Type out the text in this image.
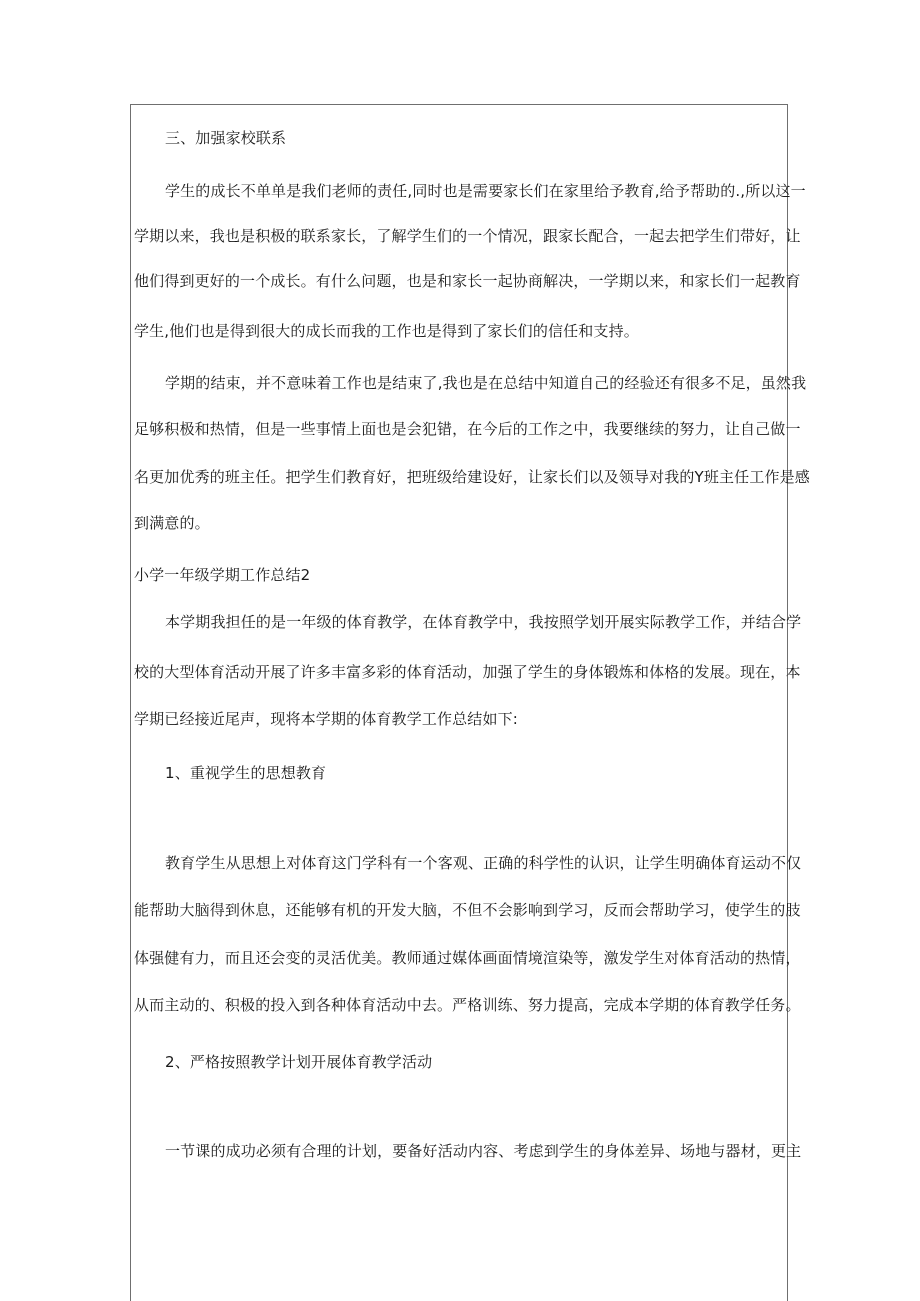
三、加强家校联系
学生的成长不单单是我们老师的责任,同时也是需要家长们在家里给予教育,给予帮助的.,所以这一
学期以来，我也是积极的联系家长，了解学生们的一个情况，跟家长配合，一起去把学生们带好，让
他们得到更好的一个成长。有什么问题，也是和家长一起协商解决，一学期以来，和家长们一起教育
学生,他们也是得到很大的成长而我的工作也是得到了家长们的信任和支持。
学期的结束，并不意味着工作也是结束了,我也是在总结中知道自己的经验还有很多不足，虽然我
足够积极和热情，但是一些事情上面也是会犯错，在今后的工作之中，我要继续的努力，让自己做一
名更加优秀的班主任。把学生们教育好，把班级给建设好，让家长们以及领导对我的Y班主任工作是感
到满意的。
小学一年级学期工作总结2
本学期我担任的是一年级的体育教学，在体育教学中，我按照学划开展实际教学工作，并结合学
校的大型体育活动开展了许多丰富多彩的体育活动，加强了学生的身体锻炼和体格的发展。现在，本
学期已经接近尾声，现将本学期的体育教学工作总结如下:
1、重视学生的思想教育
教育学生从思想上对体育这门学科有一个客观、正确的科学性的认识，让学生明确体育运动不仅
能帮助大脑得到休息，还能够有机的开发大脑，不但不会影响到学习，反而会帮助学习，使学生的肢
体强健有力，而且还会变的灵活优美。教师通过媒体画面情境渲染等，激发学生对体育活动的热情，
从而主动的、积极的投入到各种体育活动中去。严格训练、努力提高，完成本学期的体育教学任务。
2、严格按照教学计划开展体育教学活动
一节课的成功必须有合理的计划，要备好活动内容、考虑到学生的身体差异、场地与器材，更主
